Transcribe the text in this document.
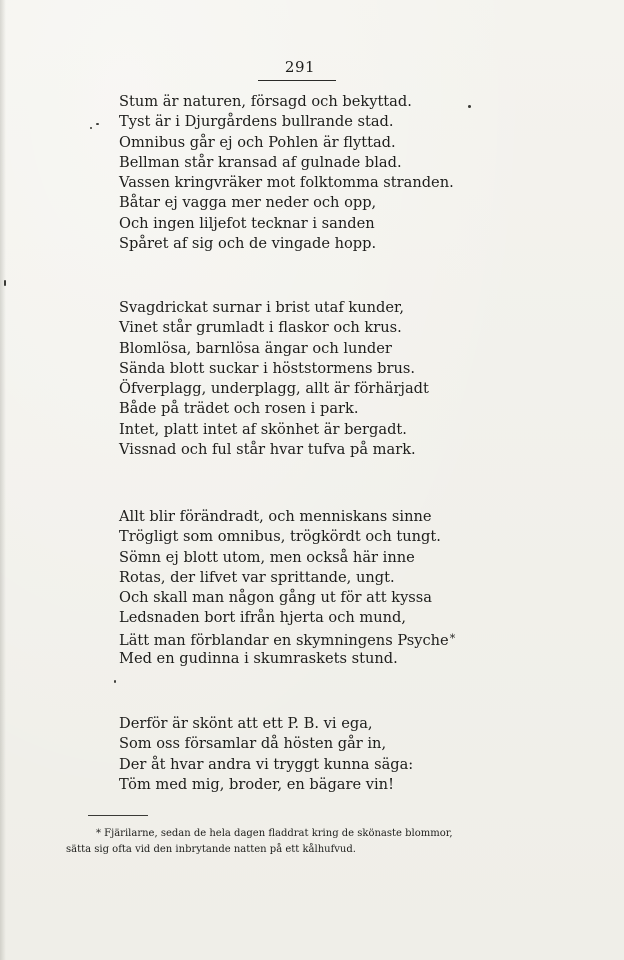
291
Stum är naturen, försagd och bekyttad.
Tyst är i Djurgårdens bullrande stad.
Omnibus går ej och Pohlen är flyttad.
Bellman står kransad af gulnade blad.
Vassen kringvräker mot folktomma stranden.
Båtar ej vagga mer neder och opp,
Och ingen liljefot tecknar i sanden
Spåret af sig och de vingade hopp.
Svagdrickat surnar i brist utaf kunder,
Vinet står grumladt i flaskor och krus.
Blomlösa, barnlösa ängar och lunder
Sända blott suckar i höststormens brus.
Öfverplagg, underplagg, allt är förhärjadt
Både på trädet och rosen i park.
Intet, platt intet af skönhet är bergadt.
Vissnad och ful står hvar tufva på mark.
Allt blir förändradt, och menniskans sinne
Trögligt som omnibus, trögkördt och tungt.
Sömn ej blott utom, men också här inne
Rotas, der lifvet var sprittande, ungt.
Och skall man någon gång ut för att kyssa
Ledsnaden bort ifrån hjerta och mund,
Lätt man förblandar en skymningens Psyche*
Med en gudinna i skumraskets stund.
Derför är skönt att ett P. B. vi ega,
Som oss församlar då hösten går in,
Der åt hvar andra vi tryggt kunna säga:
Töm med mig, broder, en bägare vin!
* Fjärilarne, sedan de hela dagen fladdrat kring de skönaste blommor,
sätta sig ofta vid den inbrytande natten på ett kålhufvud.
